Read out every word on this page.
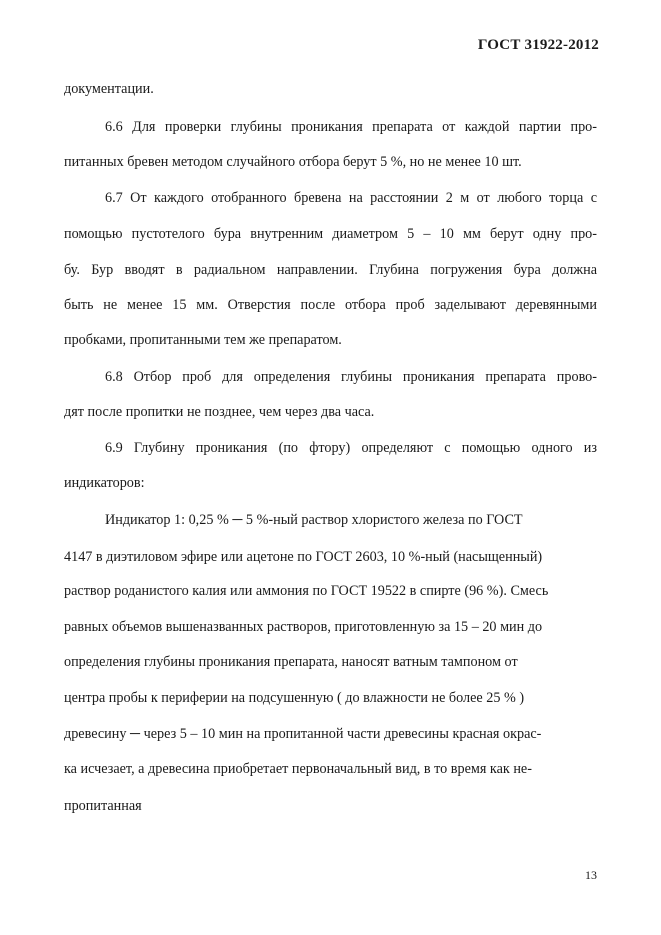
ГОСТ 31922-2012
документации.
6.6 Для проверки глубины проникания препарата от каждой партии про-
питанных бревен методом случайного отбора берут 5 %, но не менее 10 шт.
6.7 От каждого отобранного бревена на расстоянии 2 м от любого торца с
помощью пустотелого бура внутренним диаметром 5 – 10 мм берут одну про-
бу. Бур вводят в радиальном направлении. Глубина погружения бура должна
быть не менее 15 мм. Отверстия после отбора проб заделывают деревянными
пробками, пропитанными тем же препаратом.
6.8 Отбор проб для определения глубины проникания препарата прово-
дят после пропитки не позднее, чем через два часа.
6.9 Глубину проникания (по фтору) определяют с помощью одного из
индикаторов:
Индикатор 1: 0,25 % ─ 5 %-ный раствор хлористого железа по ГОСТ
4147 в диэтиловом эфире или ацетоне по ГОСТ 2603, 10 %-ный (насыщенный)
раствор роданистого калия или аммония по ГОСТ 19522 в спирте (96 %). Смесь
равных объемов вышеназванных растворов, приготовленную за 15 – 20 мин до
определения глубины проникания препарата, наносят ватным тампоном от
центра пробы к периферии на подсушенную ( до влажности не более 25 % )
древесину ─ через 5 – 10 мин на пропитанной части древесины красная окрас-
ка исчезает, а древесина приобретает первоначальный вид, в то время как не-
пропитанная
13
